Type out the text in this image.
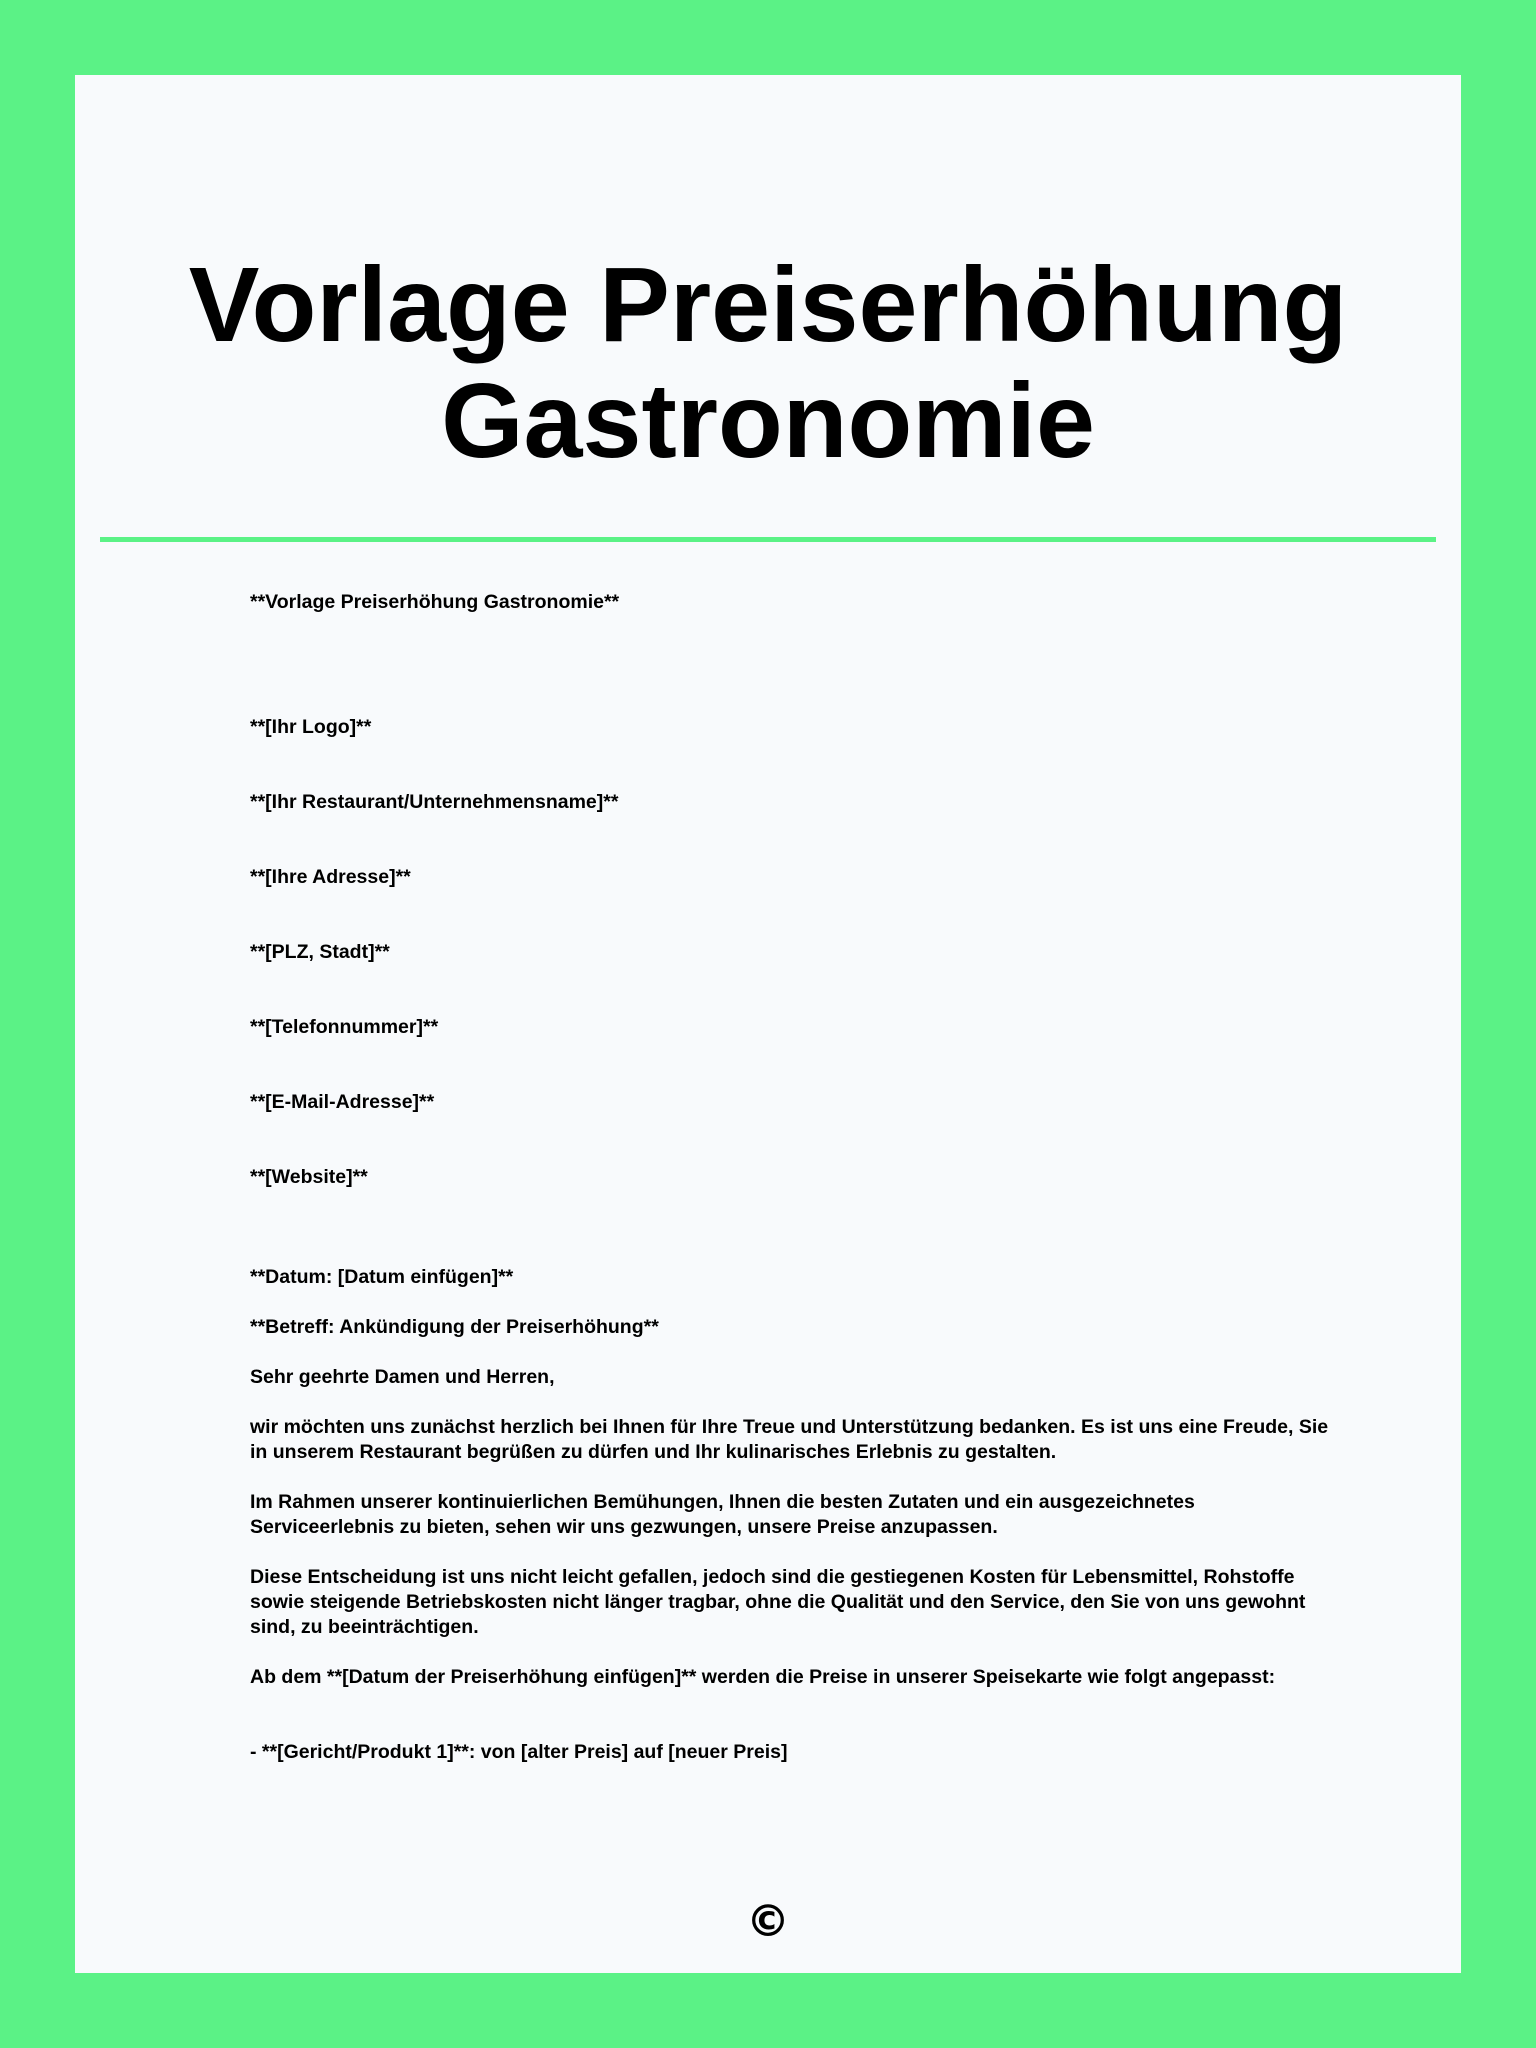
Vorlage Preiserhöhung Gastronomie

**Vorlage Preiserhöhung Gastronomie**

**[Ihr Logo]**

**[Ihr Restaurant/Unternehmensname]**

**[Ihre Adresse]**

**[PLZ, Stadt]**

**[Telefonnummer]**

**[E-Mail-Adresse]**

**[Website]**

**Datum: [Datum einfügen]**

**Betreff: Ankündigung der Preiserhöhung**

Sehr geehrte Damen und Herren,

wir möchten uns zunächst herzlich bei Ihnen für Ihre Treue und Unterstützung bedanken. Es ist uns eine Freude, Sie in unserem Restaurant begrüßen zu dürfen und Ihr kulinarisches Erlebnis zu gestalten.

Im Rahmen unserer kontinuierlichen Bemühungen, Ihnen die besten Zutaten und ein ausgezeichnetes Serviceerlebnis zu bieten, sehen wir uns gezwungen, unsere Preise anzupassen.

Diese Entscheidung ist uns nicht leicht gefallen, jedoch sind die gestiegenen Kosten für Lebensmittel, Rohstoffe sowie steigende Betriebskosten nicht länger tragbar, ohne die Qualität und den Service, den Sie von uns gewohnt sind, zu beeinträchtigen.

Ab dem **[Datum der Preiserhöhung einfügen]** werden die Preise in unserer Speisekarte wie folgt angepasst:

- **[Gericht/Produkt 1]**: von [alter Preis] auf [neuer Preis]

©
